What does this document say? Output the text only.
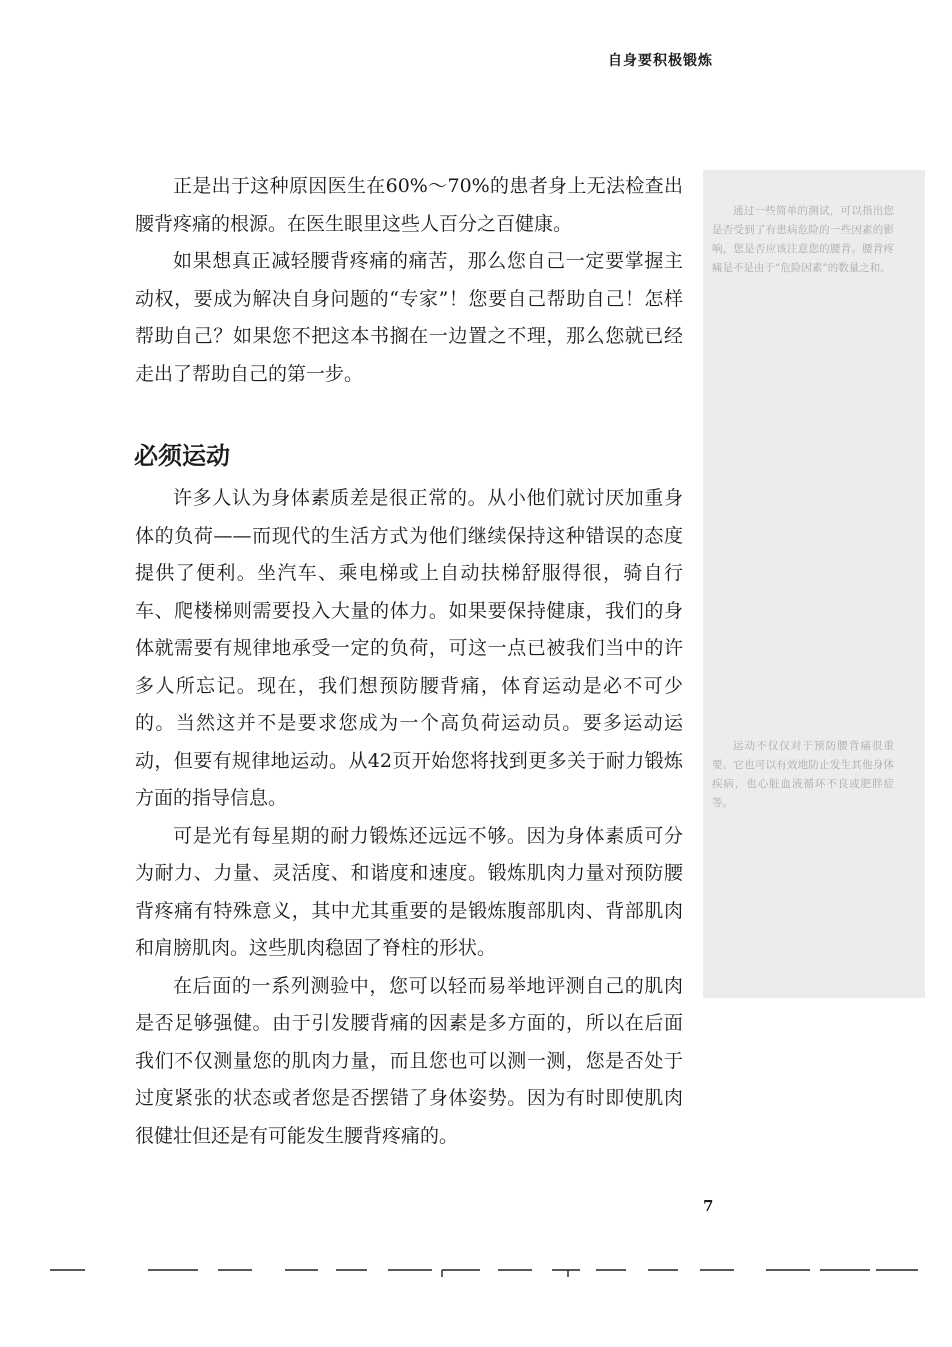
自身要积极锻炼

通过一些简单的测试，可以指出您是否受到了有患病危险的一些因素的影响，您是否应该注意您的腰背。腰背疼痛是不是由于“危险因素”的数量之和。

运动不仅仅对于预防腰背痛很重要。它也可以有效地防止发生其他身体疾病，也心脏血液循环不良或肥胖症等。

正是出于这种原因医生在60%～70%的患者身上无法检查出腰背疼痛的根源。在医生眼里这些人百分之百健康。

如果想真正减轻腰背疼痛的痛苦，那么您自己一定要掌握主动权，要成为解决自身问题的“专家”！您要自己帮助自己！怎样帮助自己？如果您不把这本书搁在一边置之不理，那么您就已经走出了帮助自己的第一步。

必须运动

许多人认为身体素质差是很正常的。从小他们就讨厌加重身体的负荷——而现代的生活方式为他们继续保持这种错误的态度提供了便利。坐汽车、乘电梯或上自动扶梯舒服得很，骑自行车、爬楼梯则需要投入大量的体力。如果要保持健康，我们的身体就需要有规律地承受一定的负荷，可这一点已被我们当中的许多人所忘记。现在，我们想预防腰背痛，体育运动是必不可少的。当然这并不是要求您成为一个高负荷运动员。要多运动运动，但要有规律地运动。从42页开始您将找到更多关于耐力锻炼方面的指导信息。

可是光有每星期的耐力锻炼还远远不够。因为身体素质可分为耐力、力量、灵活度、和谐度和速度。锻炼肌肉力量对预防腰背疼痛有特殊意义，其中尤其重要的是锻炼腹部肌肉、背部肌肉和肩膀肌肉。这些肌肉稳固了脊柱的形状。

在后面的一系列测验中，您可以轻而易举地评测自己的肌肉是否足够强健。由于引发腰背痛的因素是多方面的，所以在后面我们不仅测量您的肌肉力量，而且您也可以测一测，您是否处于过度紧张的状态或者您是否摆错了身体姿势。因为有时即使肌肉很健壮但还是有可能发生腰背疼痛的。

7
